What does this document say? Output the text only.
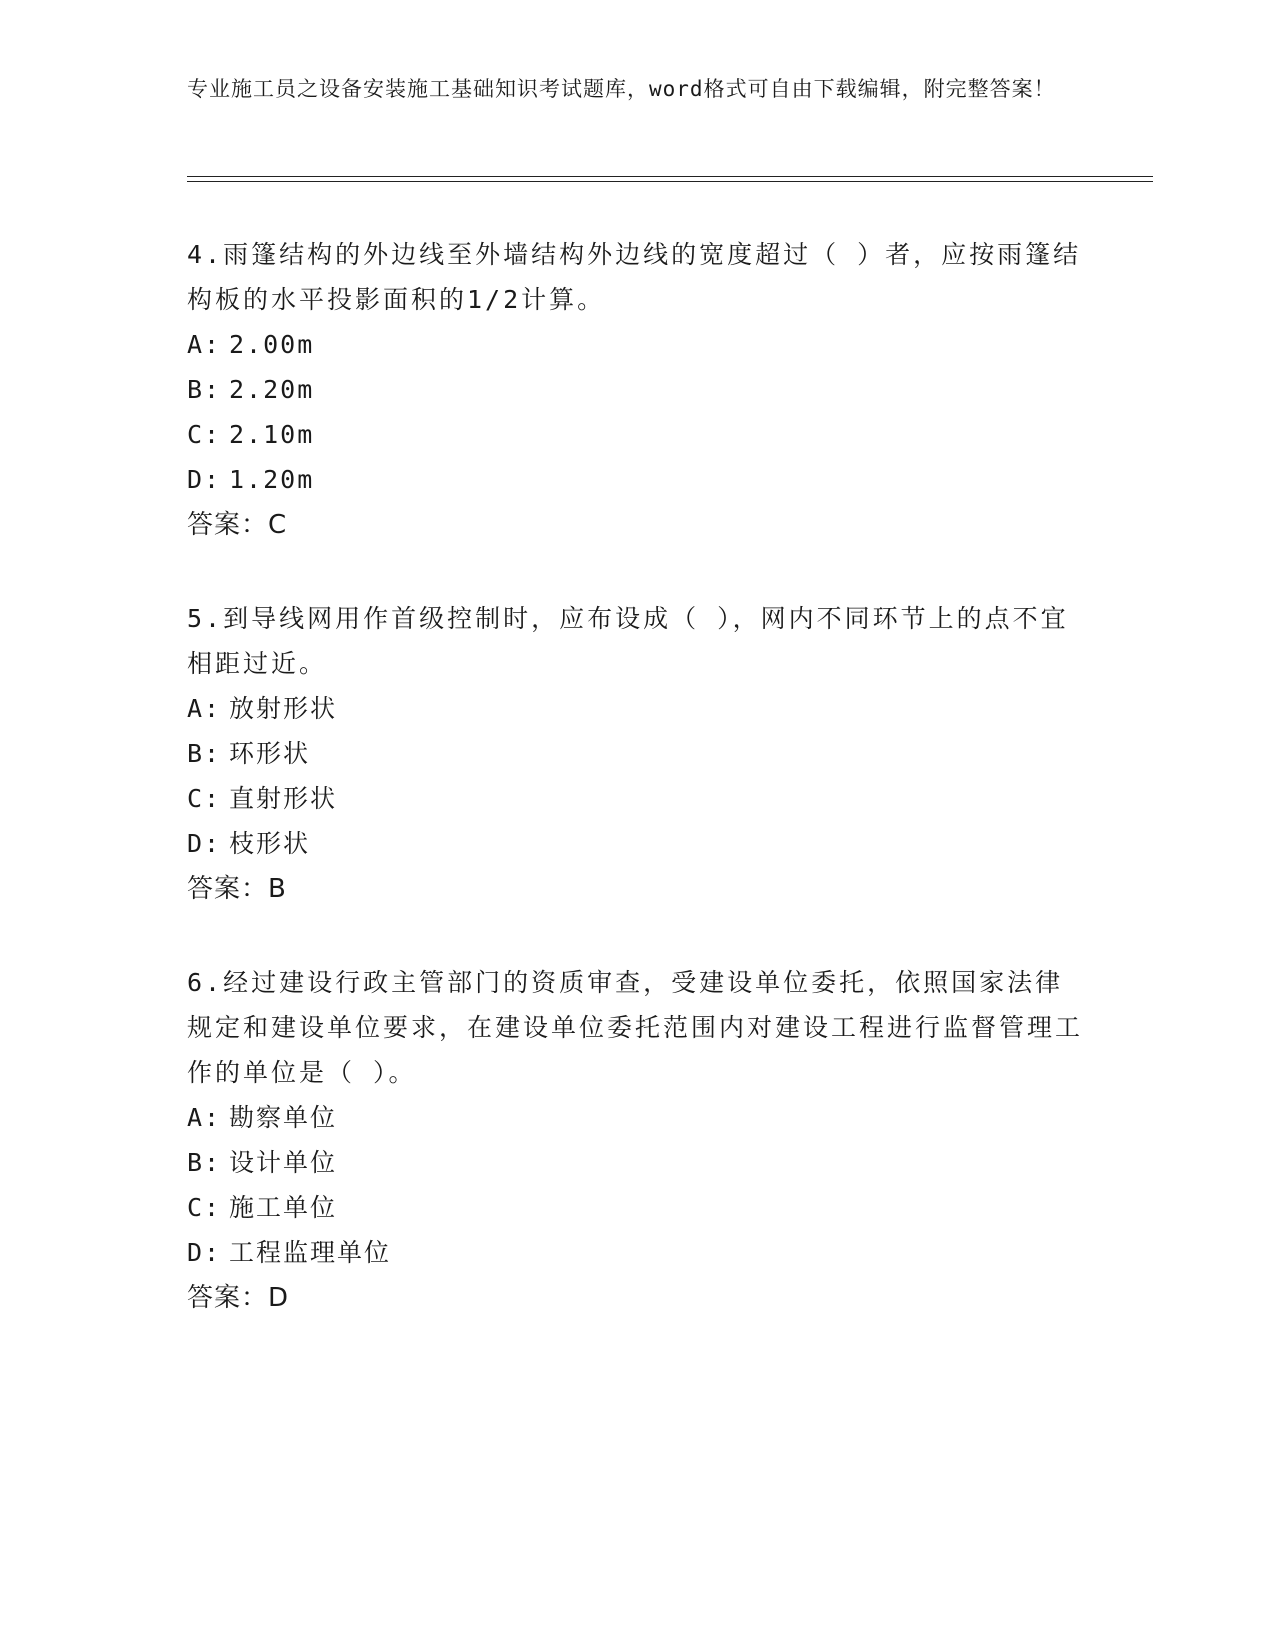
专业施工员之设备安装施工基础知识考试题库，word格式可自由下载编辑，附完整答案！
4.雨篷结构的外边线至外墙结构外边线的宽度超过（ ）者，应按雨篷结构板的水平投影面积的1/2计算。
A: 2.00m
B: 2.20m
C: 2.10m
D: 1.20m
答案：C
5.到导线网用作首级控制时，应布设成（ ），网内不同环节上的点不宜相距过近。
A: 放射形状
B: 环形状
C: 直射形状
D: 枝形状
答案：B
6.经过建设行政主管部门的资质审查，受建设单位委托，依照国家法律规定和建设单位要求，在建设单位委托范围内对建设工程进行监督管理工作的单位是（ ）。
A: 勘察单位
B: 设计单位
C: 施工单位
D: 工程监理单位
答案：D
